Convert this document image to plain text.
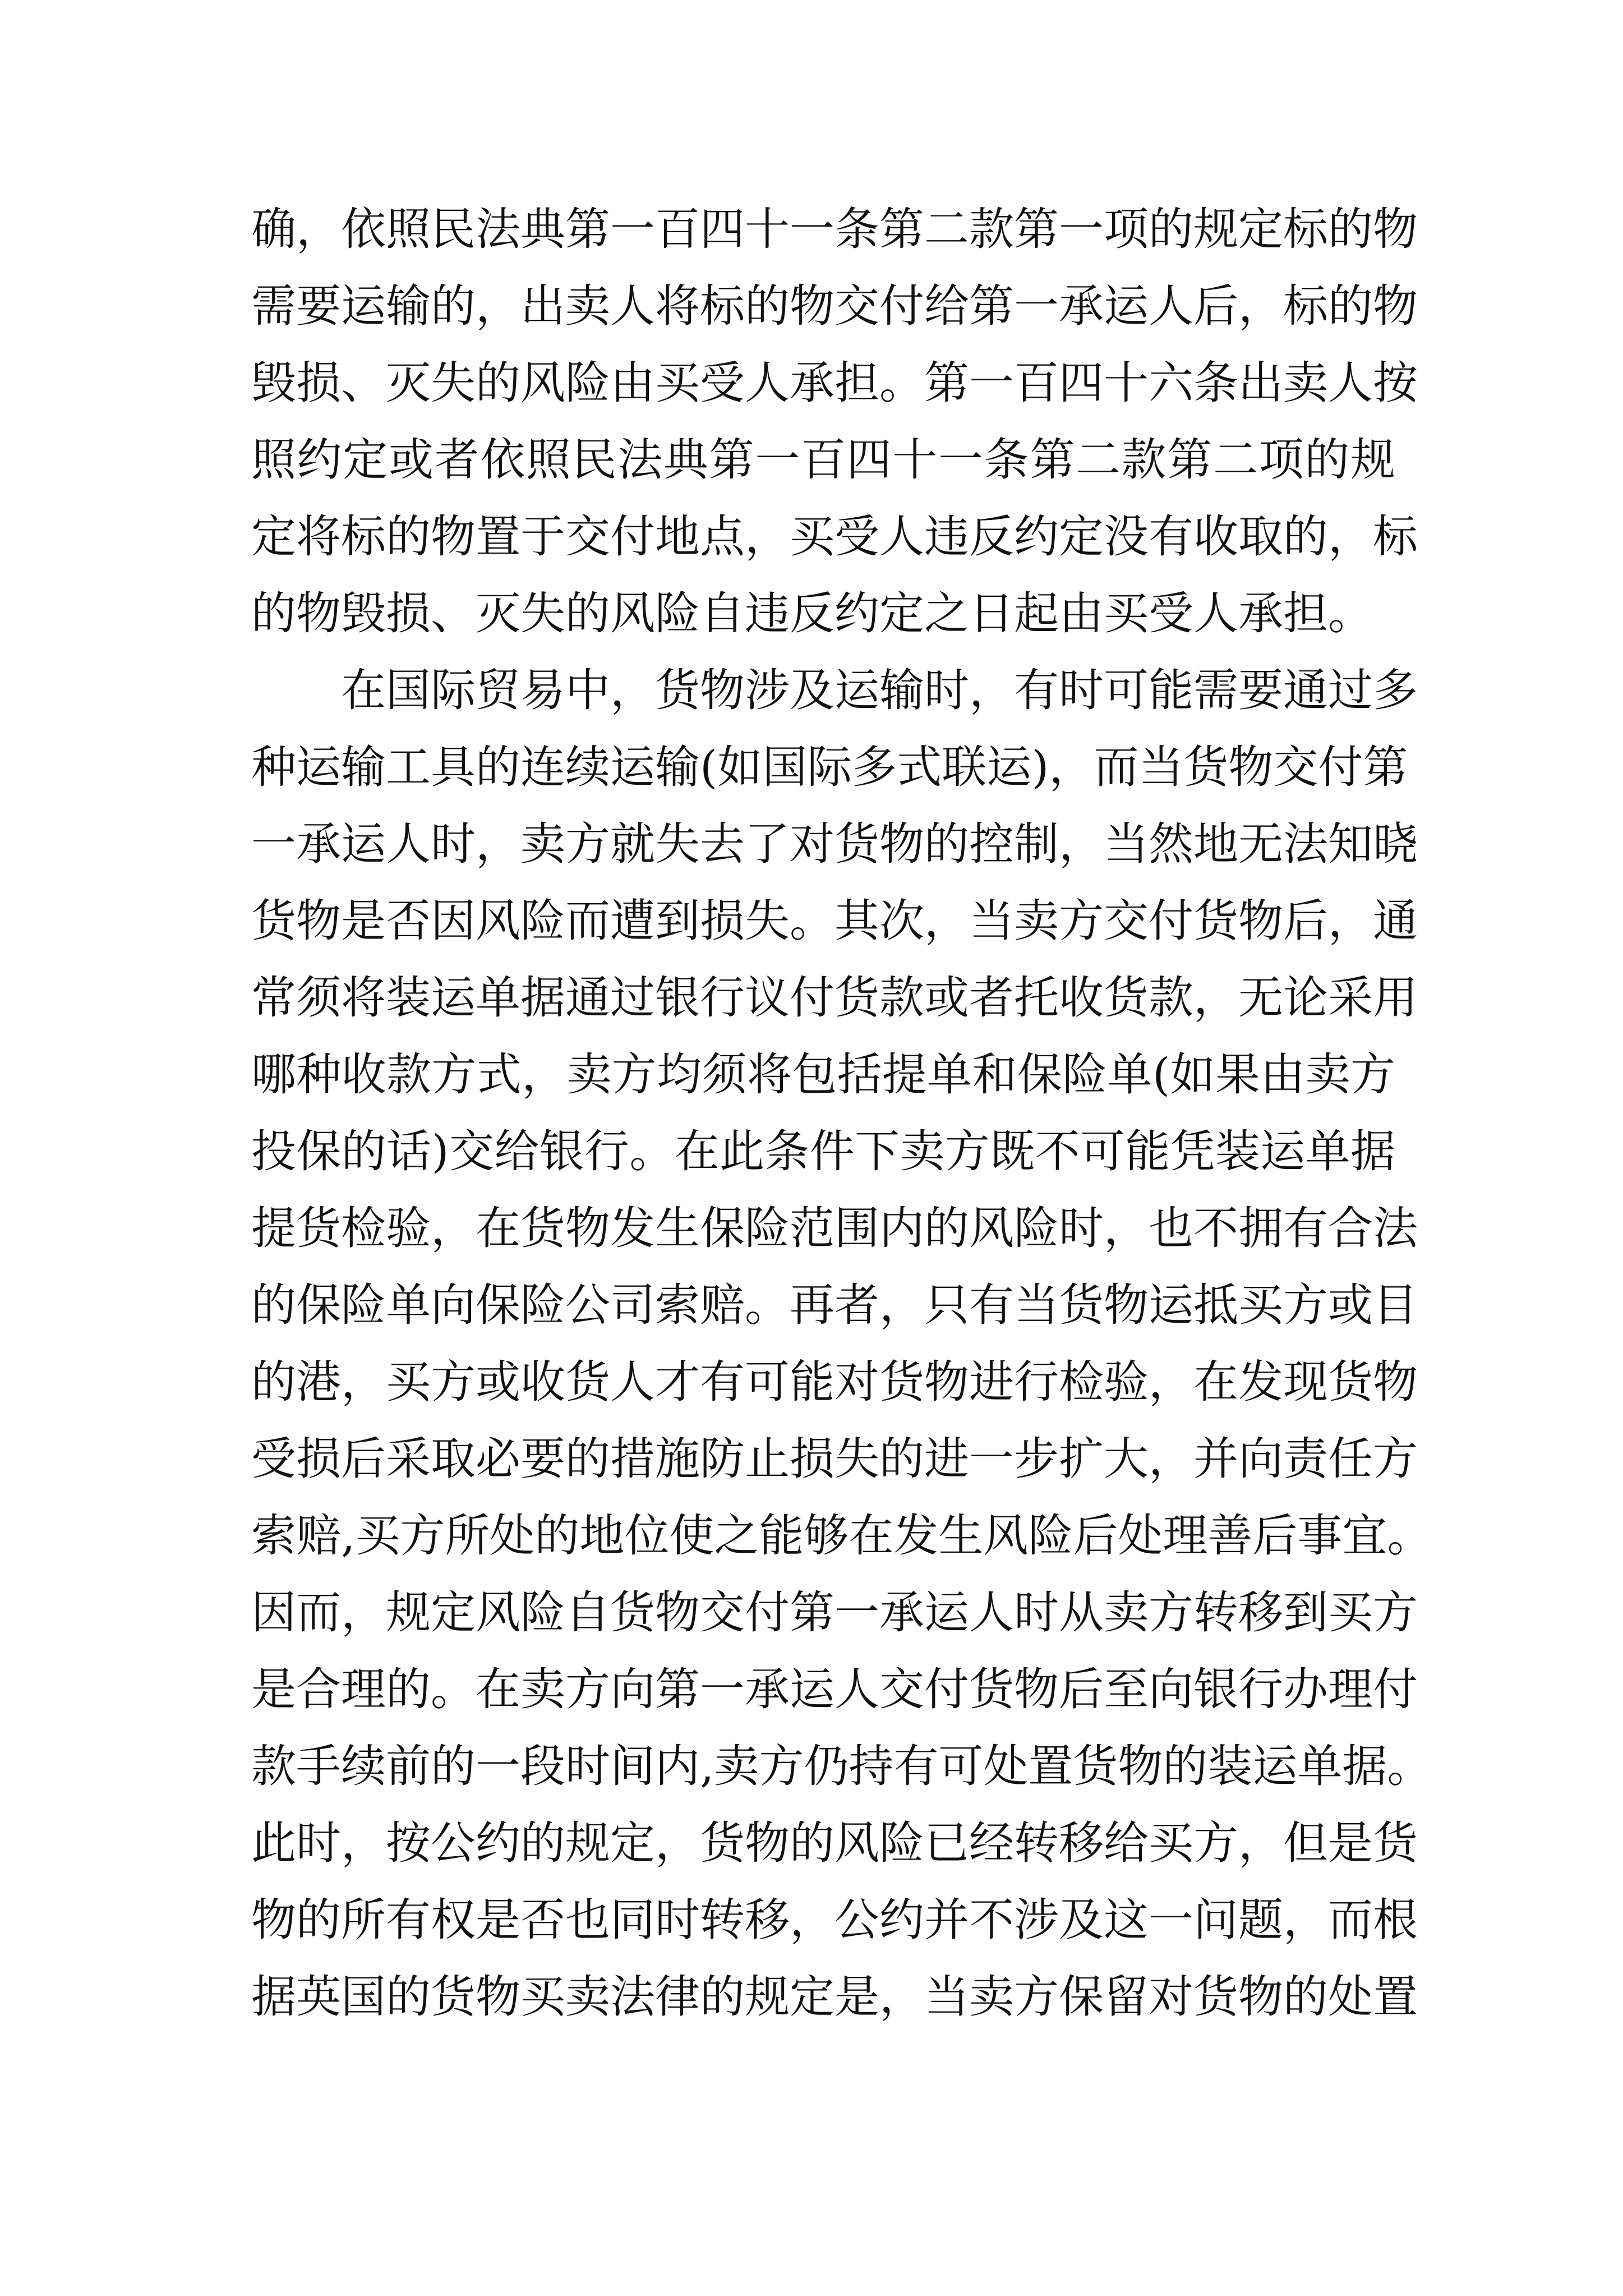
确，依照民法典第一百四十一条第二款第一项的规定标的物
需要运输的，出卖人将标的物交付给第一承运人后，标的物
毁损、灭失的风险由买受人承担。第一百四十六条出卖人按
照约定或者依照民法典第一百四十一条第二款第二项的规
定将标的物置于交付地点，买受人违反约定没有收取的，标
的物毁损、灭失的风险自违反约定之日起由买受人承担。
在国际贸易中，货物涉及运输时，有时可能需要通过多
种运输工具的连续运输(如国际多式联运)，而当货物交付第
一承运人时，卖方就失去了对货物的控制，当然地无法知晓
货物是否因风险而遭到损失。其次，当卖方交付货物后，通
常须将装运单据通过银行议付货款或者托收货款，无论采用
哪种收款方式，卖方均须将包括提单和保险单(如果由卖方
投保的话)交给银行。在此条件下卖方既不可能凭装运单据
提货检验，在货物发生保险范围内的风险时，也不拥有合法
的保险单向保险公司索赔。再者，只有当货物运抵买方或目
的港，买方或收货人才有可能对货物进行检验，在发现货物
受损后采取必要的措施防止损失的进一步扩大，并向责任方
索赔,买方所处的地位使之能够在发生风险后处理善后事宜。
因而，规定风险自货物交付第一承运人时从卖方转移到买方
是合理的。在卖方向第一承运人交付货物后至向银行办理付
款手续前的一段时间内,卖方仍持有可处置货物的装运单据。
此时，按公约的规定，货物的风险已经转移给买方，但是货
物的所有权是否也同时转移，公约并不涉及这一问题，而根
据英国的货物买卖法律的规定是，当卖方保留对货物的处置
